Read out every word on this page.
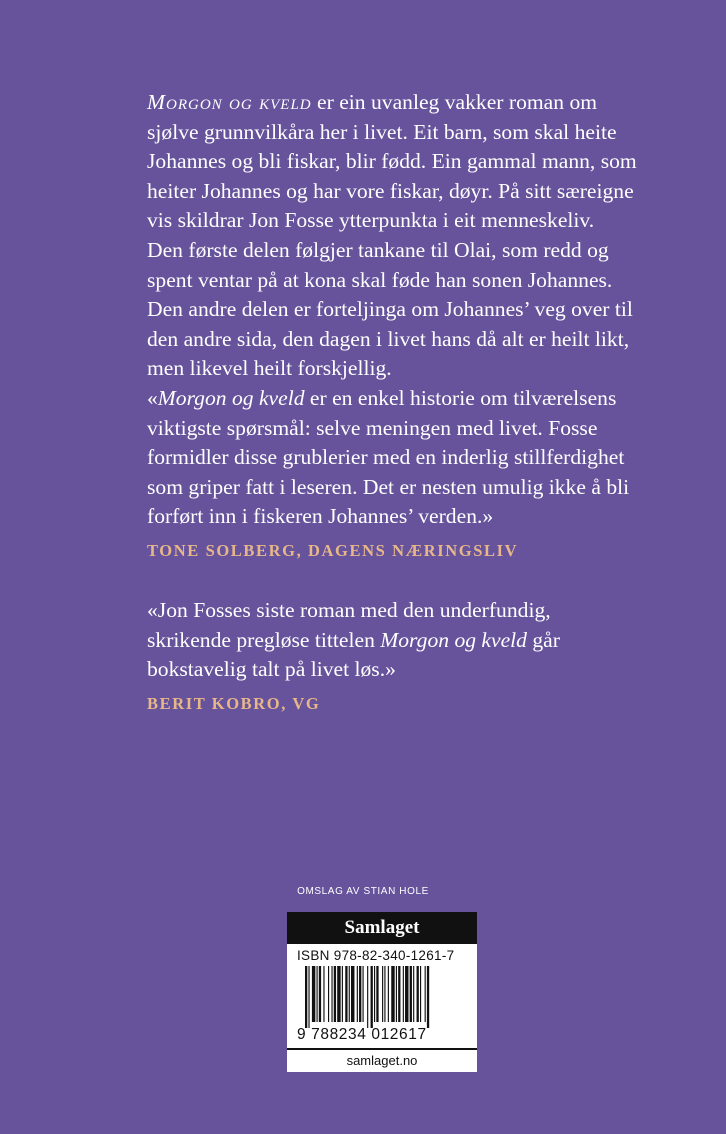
Morgon og kveld er ein uvanleg vakker roman om sjølve grunnvilkåra her i livet. Eit barn, som skal heite Johannes og bli fiskar, blir fødd. Ein gammal mann, som heiter Johannes og har vore fiskar, døyr. På sitt særeigne vis skildrar Jon Fosse ytterpunkta i eit menneskeliv.

Den første delen følgjer tankane til Olai, som redd og spent ventar på at kona skal føde han sonen Johannes. Den andre delen er forteljinga om Johannes’ veg over til den andre sida, den dagen i livet hans då alt er heilt likt, men likevel heilt forskjellig.

«Morgon og kveld er en enkel historie om tilværelsens viktigste spørsmål: selve meningen med livet. Fosse formidler disse grublerier med en inderlig stillferdighet som griper fatt i leseren. Det er nesten umulig ikke å bli forført inn i fiskeren Johannes’ verden.»

TONE SOLBERG, DAGENS NÆRINGSLIV

«Jon Fosses siste roman med den underfundig, skrikende pregløse tittelen Morgon og kveld går bokstavelig talt på livet løs.»

BERIT KOBRO, VG
OMSLAG AV STIAN HOLE
Samlaget
ISBN 978-82-340-1261-7
9 788234 012617
samlaget.no
